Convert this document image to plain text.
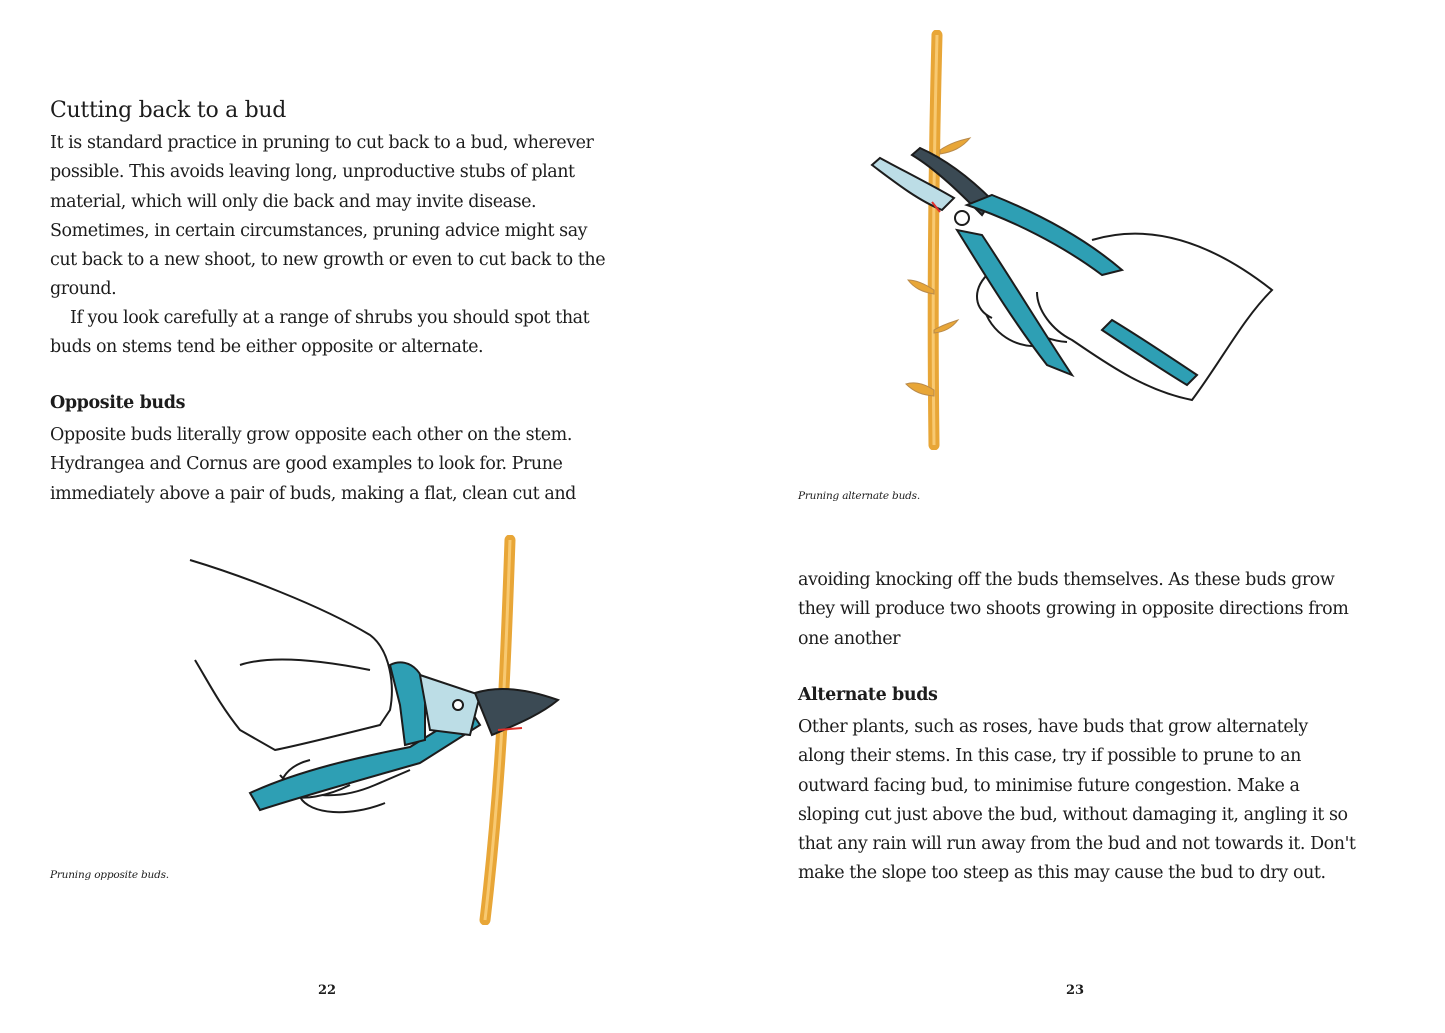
Cutting back to a bud

It is standard practice in pruning to cut back to a bud, wherever possible. This avoids leaving long, unproductive stubs of plant material, which will only die back and may invite disease. Sometimes, in certain circumstances, pruning advice might say cut back to a new shoot, to new growth or even to cut back to the ground.

If you look carefully at a range of shrubs you should spot that buds on stems tend be either opposite or alternate.

Opposite buds

Opposite buds literally grow opposite each other on the stem. Hydrangea and Cornus are good examples to look for. Prune immediately above a pair of buds, making a flat, clean cut and

Pruning opposite buds.

22

Pruning alternate buds.

avoiding knocking off the buds themselves. As these buds grow they will produce two shoots growing in opposite directions from one another

Alternate buds

Other plants, such as roses, have buds that grow alternately along their stems. In this case, try if possible to prune to an outward facing bud, to minimise future congestion. Make a sloping cut just above the bud, without damaging it, angling it so that any rain will run away from the bud and not towards it. Don't make the slope too steep as this may cause the bud to dry out.

23
